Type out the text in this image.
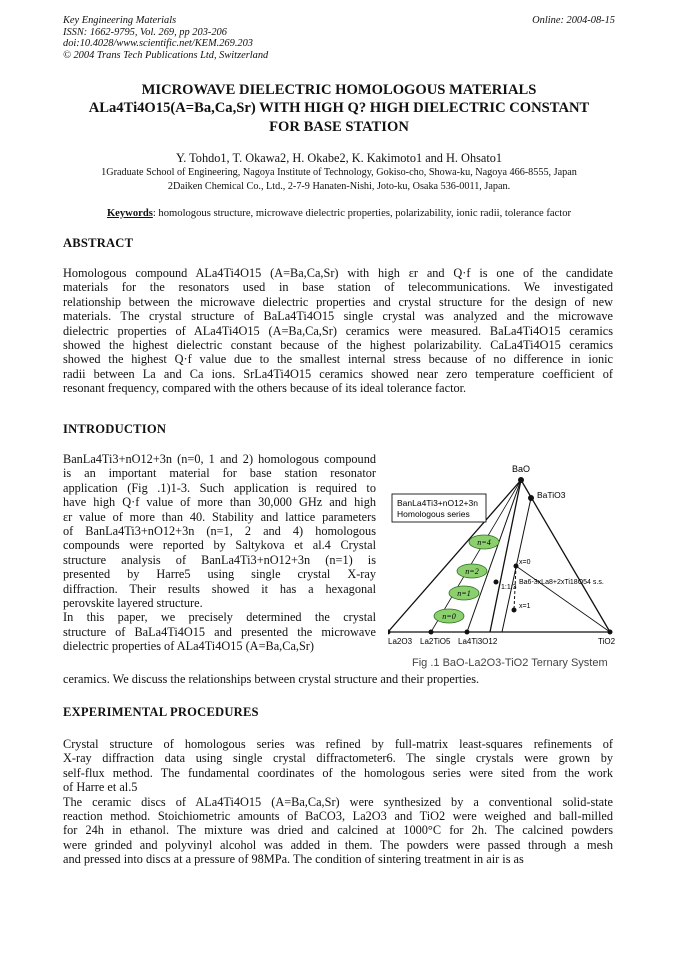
Key Engineering Materials
ISSN: 1662-9795, Vol. 269, pp 203-206
doi:10.4028/www.scientific.net/KEM.269.203
© 2004 Trans Tech Publications Ltd, Switzerland
Online: 2004-08-15
MICROWAVE DIELECTRIC HOMOLOGOUS MATERIALS
ALa4Ti4O15(A=Ba,Ca,Sr) WITH HIGH Q? HIGH DIELECTRIC CONSTANT
FOR BASE STATION
Y. Tohdo1, T. Okawa2, H. Okabe2, K. Kakimoto1 and H. Ohsato1
1Graduate School of Engineering, Nagoya Institute of Technology, Gokiso-cho, Showa-ku, Nagoya 466-8555, Japan
2Daiken Chemical Co., Ltd., 2-7-9 Hanaten-Nishi, Joto-ku, Osaka 536-0011, Japan.
Keywords: homologous structure, microwave dielectric properties, polarizability, ionic radii, tolerance factor
ABSTRACT
Homologous compound ALa4Ti4O15 (A=Ba,Ca,Sr) with high εr and Q·f is one of the candidate
materials for the resonators used in base station of telecommunications. We investigated
relationship between the microwave dielectric properties and crystal structure for the design of new
materials. The crystal structure of BaLa4Ti4O15 single crystal was analyzed and the microwave
dielectric properties of ALa4Ti4O15 (A=Ba,Ca,Sr) ceramics were measured. BaLa4Ti4O15 ceramics
showed the highest dielectric constant because of the highest polarizability. CaLa4Ti4O15 ceramics
showed the highest Q·f value due to the smallest internal stress because of no difference in ionic
radii between La and Ca ions. SrLa4Ti4O15 ceramics showed near zero temperature coefficient of
resonant frequency, compared with the others because of its ideal tolerance factor.
INTRODUCTION
BanLa4Ti3+nO12+3n (n=0, 1 and 2) homologous compound
is an important material for base station resonator
application (Fig .1)1-3. Such application is required to
have high Q·f value of more than 30,000 GHz and high
εr value of more than 40. Stability and lattice parameters
of BanLa4Ti3+nO12+3n (n=1, 2 and 4) homologous
compounds were reported by Saltykova et al.4 Crystal
structure analysis of BanLa4Ti3+nO12+3n (n=1) is
presented by Harre5 using single crystal X-ray
diffraction. Their results showed it has a hexagonal
perovskite layered structure.
In this paper, we precisely determined the crystal
structure of BaLa4Ti4O15 and presented the microwave
dielectric properties of ALa4Ti4O15 (A=Ba,Ca,Sr)
ceramics. We discuss the relationships between crystal structure and their properties.
EXPERIMENTAL PROCEDURES
Crystal structure of homologous series was refined by full-matrix least-squares refinements of
X-ray diffraction data using single crystal diffractometer6. The single crystals were grown by
self-flux method. The fundamental coordinates of the homologous series were sited from the work
of Harre et al.5
The ceramic discs of ALa4Ti4O15 (A=Ba,Ca,Sr) were synthesized by a conventional solid-state
reaction method. Stoichiometric amounts of BaCO3, La2O3 and TiO2 were weighed and ball-milled
for 24h in ethanol. The mixture was dried and calcined at 1000°C for 2h. The calcined powders
were grinded and polyvinyl alcohol was added in them. The powders were passed through a mesh
and pressed into discs at a pressure of 98MPa. The condition of sintering treatment in air is as
BanLa4Ti3+nO12+3n
Homologous series
n=4
n=2
n=1
n=0
BaO
BaTiO3
x=0
x=1
Ba6-3xLa8+2xTi18O54 s.s.
1:1:3
TiO2
La2O3 La2TiO5 La4Ti3O12
Fig .1 BaO-La2O3-TiO2 Ternary System
